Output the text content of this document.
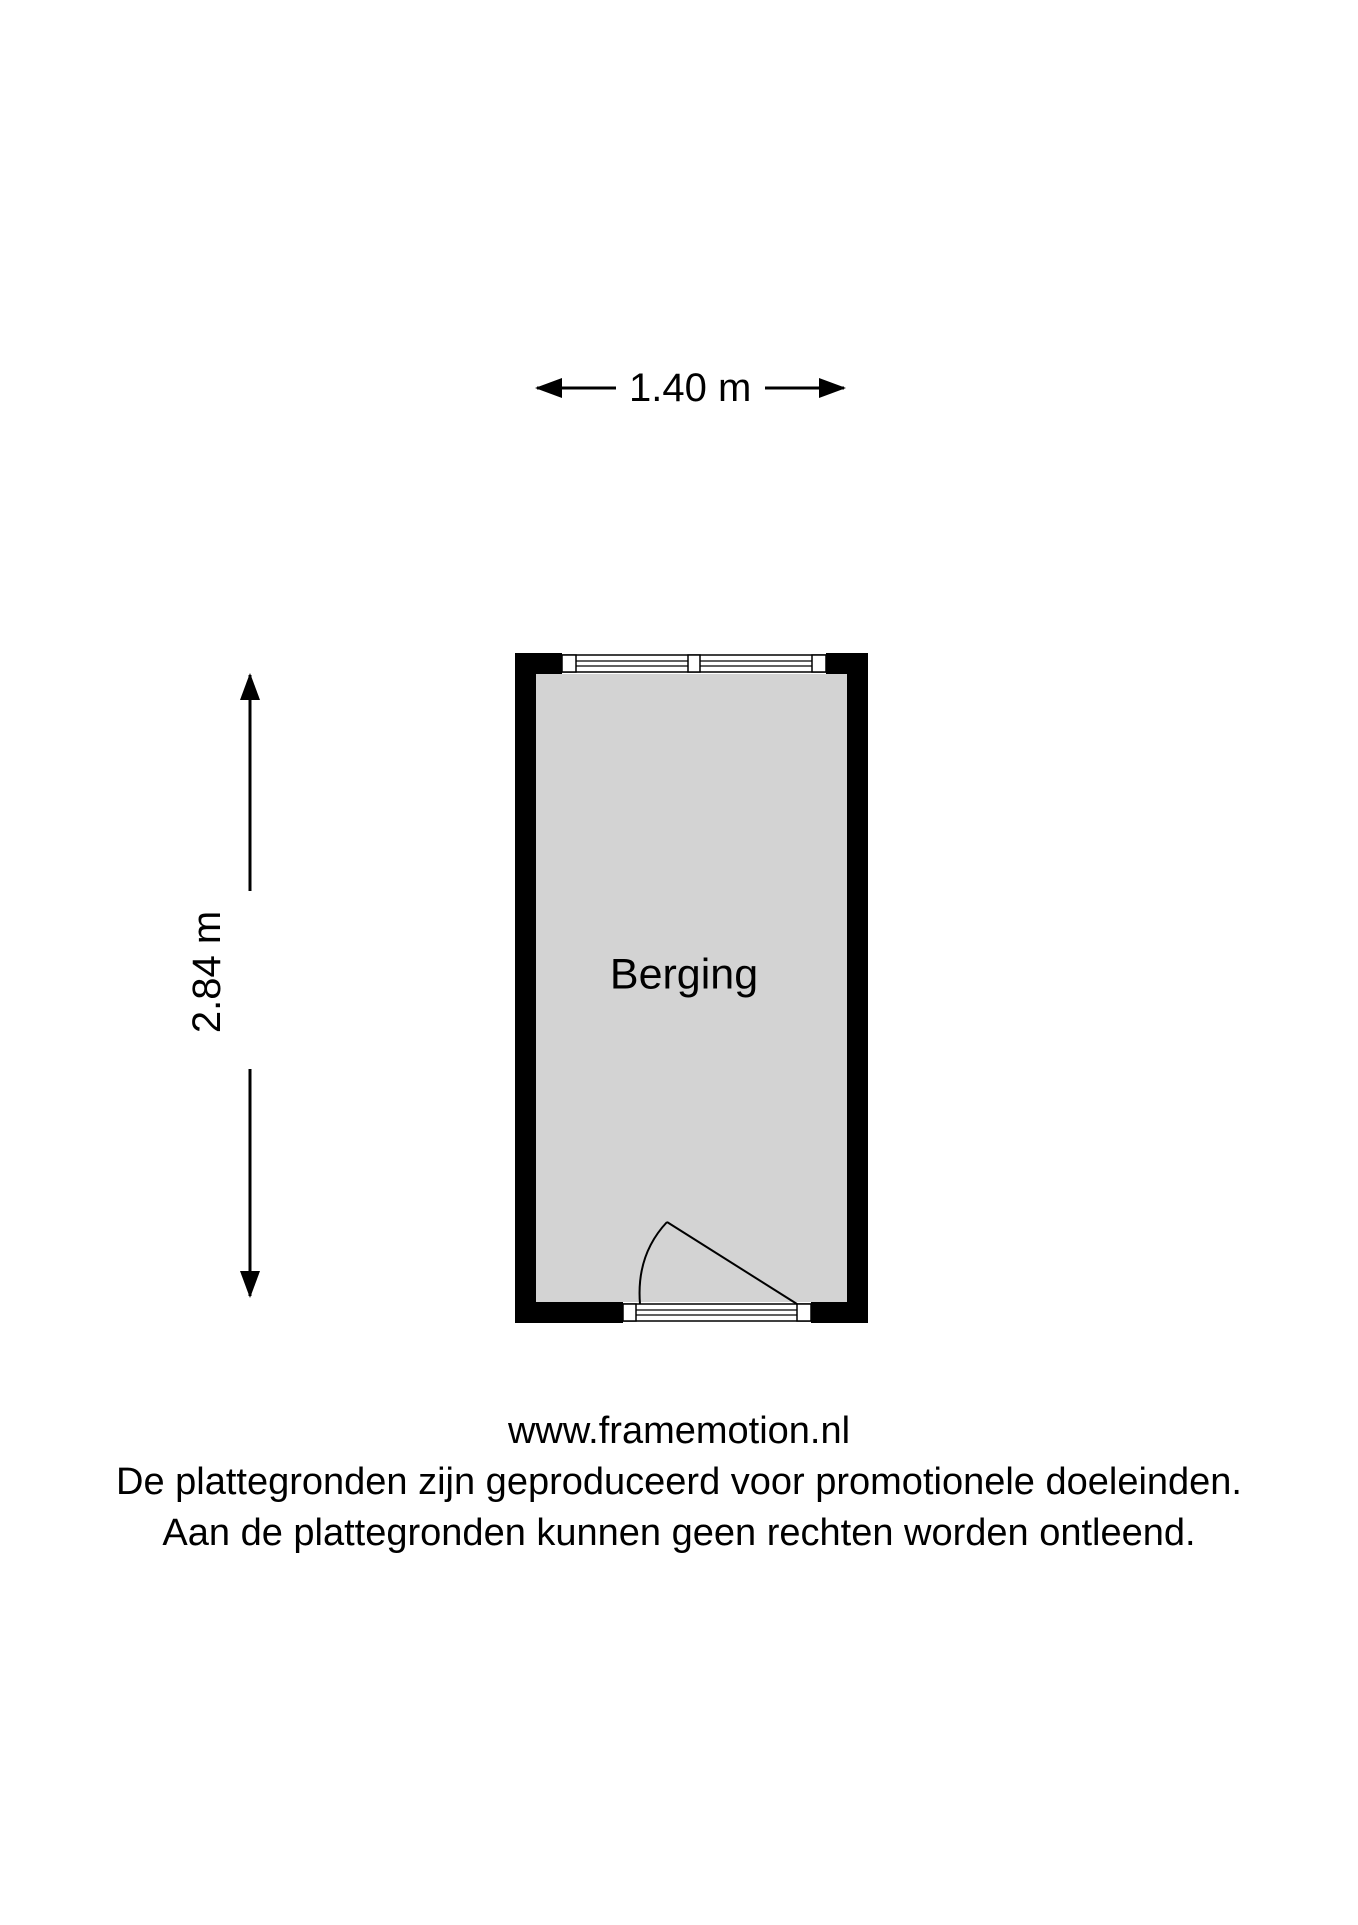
1.40 m
2.84 m	Berging
www.framemotion.nl
De plattegronden zijn geproduceerd voor promotionele doeleinden.
Aan de plattegronden kunnen geen rechten worden ontleend.
